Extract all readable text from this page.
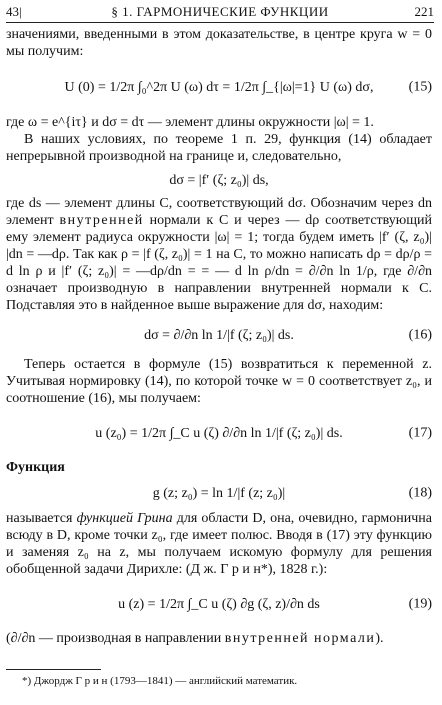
43|	§ 1. ГАРМОНИЧЕСКИЕ ФУНКЦИИ	221

значениями, введенными в этом доказательстве, в центре круга w = 0 мы получим:

U (0) = 1/2π ∫₀^2π U (ω) dτ = 1/2π ∫_{|ω|=1} U (ω) dσ,	(15)

где ω = e^{iτ} и dσ = dτ — элемент длины окружности |ω| = 1.

В наших условиях, по теореме 1 п. 29, функция (14) обладает непрерывной производной на границе и, следовательно,

dσ = |f′ (ζ; z₀)| ds,

где ds — элемент длины C, соответствующий dσ. Обозначим через dn элемент внутренней нормали к C и через — dρ соответствующий ему элемент радиуса окружности |ω| = 1; тогда будем иметь |f′ (ζ, z₀)| |dn = —dρ. Так как ρ = |f (ζ, z₀)| = 1 на C, то можно написать dρ = dρ/ρ = d ln ρ и |f′ (ζ; z₀)| = —dρ/dn = = — d ln ρ/dn = ∂/∂n ln 1/ρ, где ∂/∂n означает производную в направлении внутренней нормали к C. Подставляя это в найденное выше выражение для dσ, находим:

dσ = ∂/∂n ln 1/|f (ζ; z₀)| ds.	(16)

Теперь остается в формуле (15) возвратиться к переменной z. Учитывая нормировку (14), по которой точке w = 0 соответствует z₀, и соотношение (16), мы получаем:

u (z₀) = 1/2π ∫_C u (ζ) ∂/∂n ln 1/|f (ζ; z₀)| ds.	(17)

Функция

g (z; z₀) = ln 1/|f (z; z₀)|	(18)

называется функцией Грина для области D, она, очевидно, гармонична всюду в D, кроме точки z₀, где имеет полюс. Вводя в (17) эту функцию и заменяя z₀ на z, мы получаем искомую формулу для решения обобщенной задачи Дирихле: (Д ж. Г р и н*), 1828 г.):

u (z) = 1/2π ∫_C u (ζ) ∂g (ζ, z)/∂n ds	(19)

(∂/∂n — производная в направлении внутренней нормали).

*) Джордж Г р и н (1793—1841) — английский математик.
